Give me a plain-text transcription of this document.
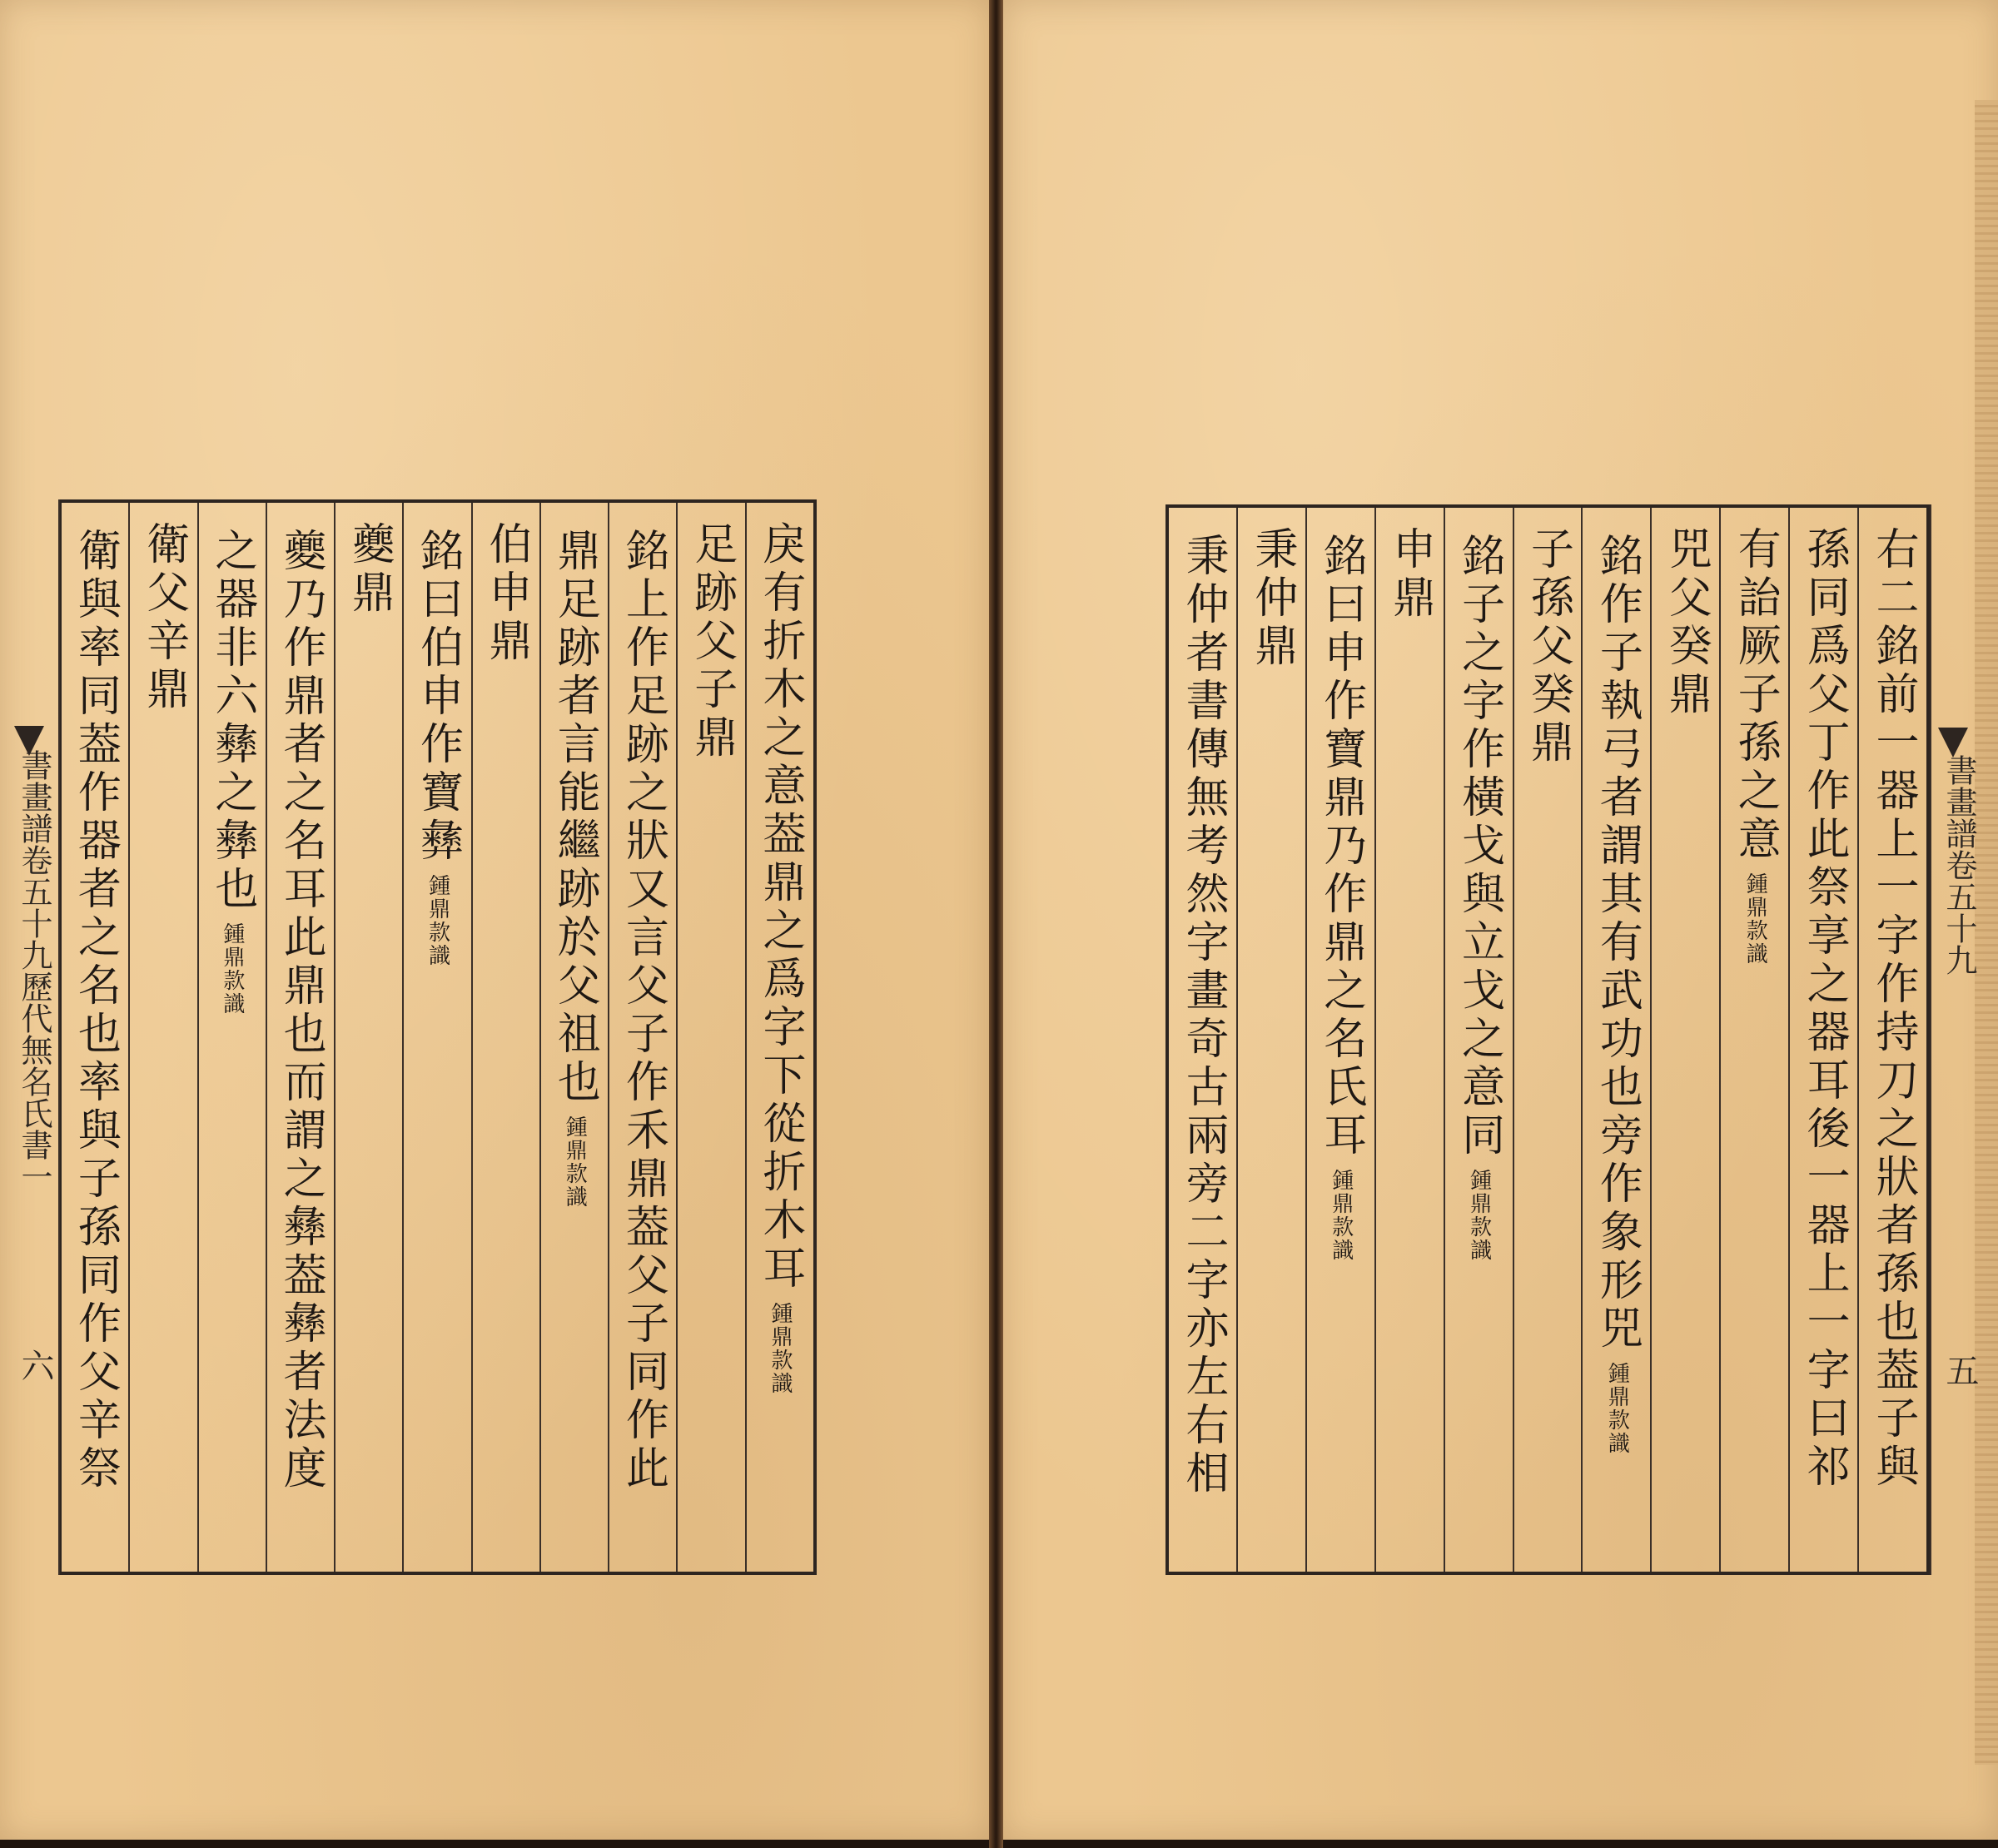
戾有折木之意葢鼎之爲字下從折木耳鍾鼎款識
足跡父子鼎
銘上作足跡之狀又言父子作禾鼎葢父子同作此
鼎足跡者言能繼跡於父祖也鍾鼎款識
伯申鼎
銘曰伯申作寶彝鍾鼎款識
夔鼎
夔乃作鼎者之名耳此鼎也而謂之彝葢彝者法度
之器非六彝之彝也鍾鼎款識
衛父辛鼎
衛與率同葢作器者之名也率與子孫同作父辛祭	右二銘前一器上一字作持刀之狀者孫也葢子與
孫同爲父丁作此祭享之器耳後一器上一字曰祁
有詒厥子孫之意鍾鼎款識
兕父癸鼎
銘作子執弓者謂其有武功也旁作象形兕鍾鼎款識
子孫父癸鼎
銘子之字作橫戈與立戈之意同鍾鼎款識
申鼎
銘曰申作寶鼎乃作鼎之名氏耳鍾鼎款識
秉仲鼎
秉仲者書傳無考然字畫奇古兩旁二字亦左右相
書畫譜卷五十九歷代無名氏書一
六
書畫譜卷五十九
五
